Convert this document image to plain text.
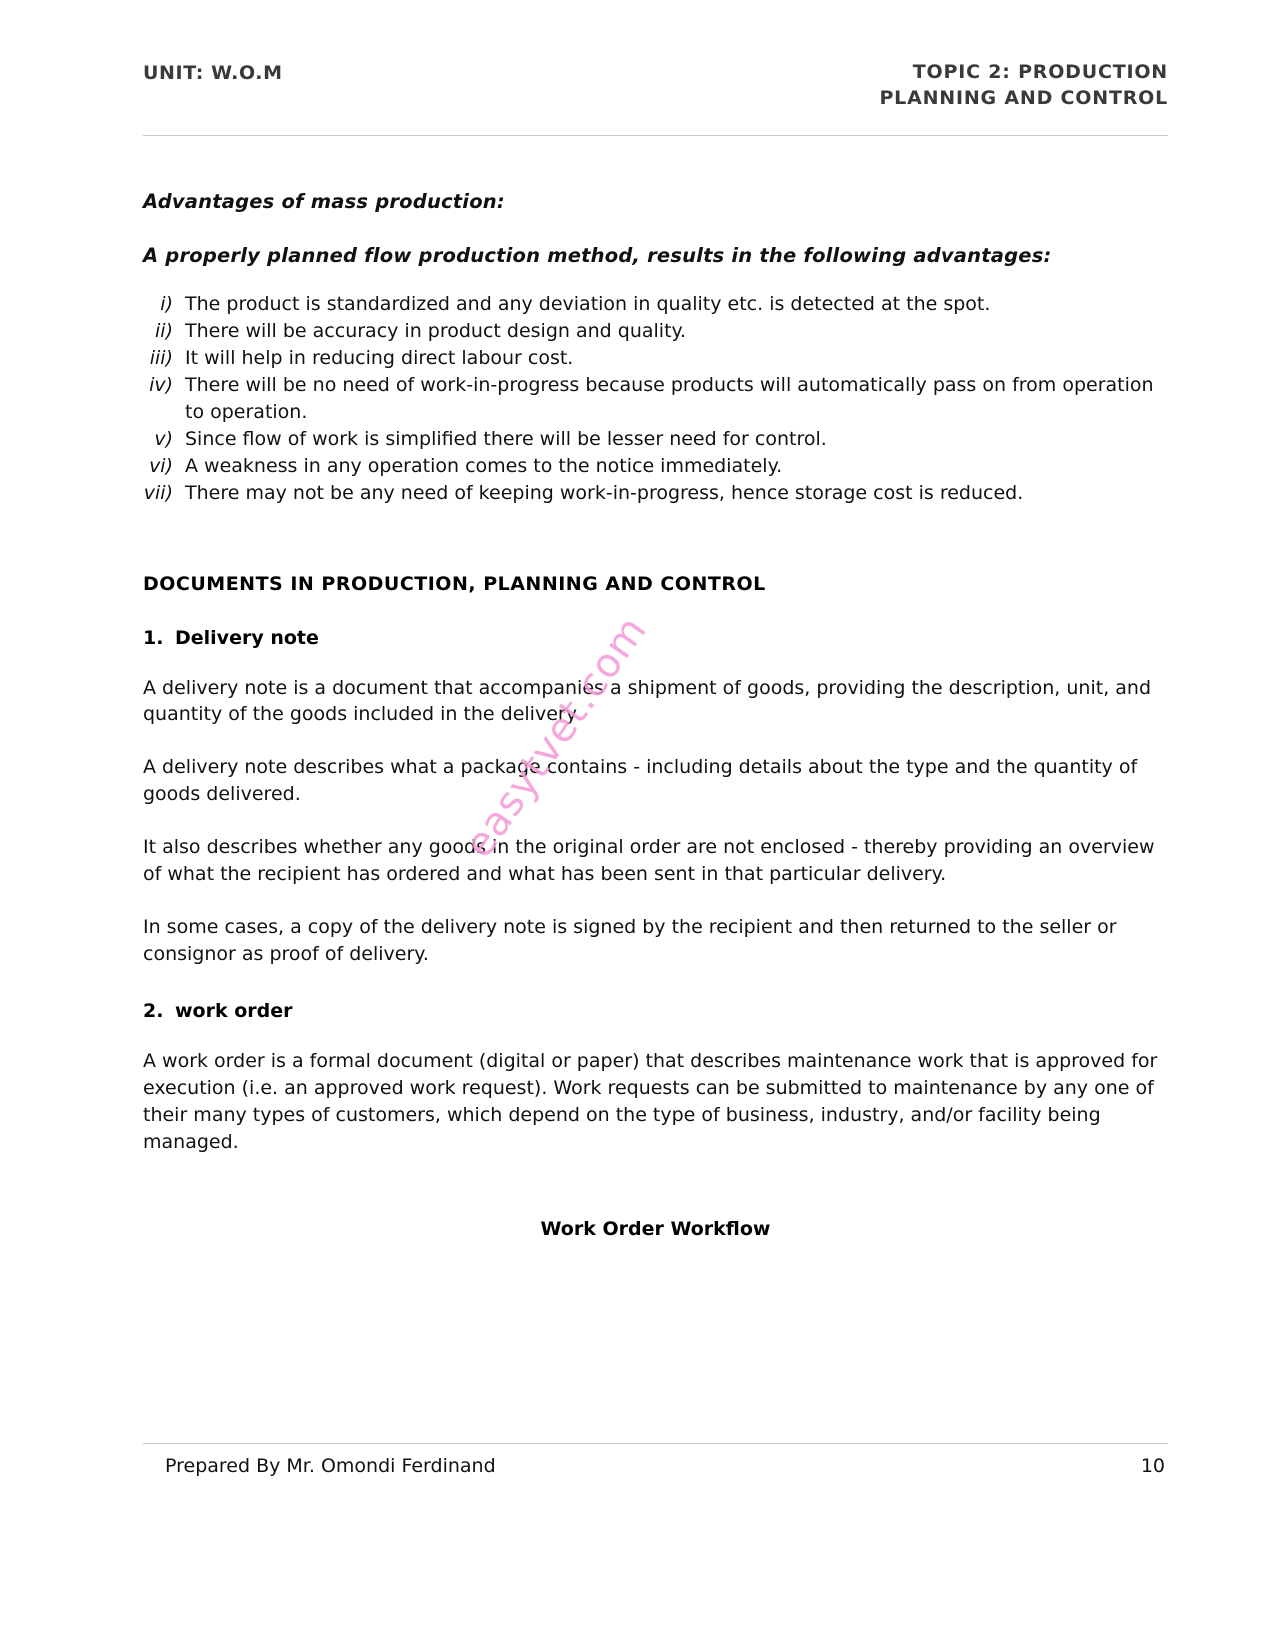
UNIT: W.O.M	TOPIC 2: PRODUCTION
PLANNING AND CONTROL

Advantages of mass production:

A properly planned flow production method, results in the following advantages:

i) The product is standardized and any deviation in quality etc. is detected at the spot.
ii) There will be accuracy in product design and quality.
iii) It will help in reducing direct labour cost.
iv) There will be no need of work-in-progress because products will automatically pass on from operation to operation.
v) Since flow of work is simplified there will be lesser need for control.
vi) A weakness in any operation comes to the notice immediately.
vii) There may not be any need of keeping work-in-progress, hence storage cost is reduced.

DOCUMENTS IN PRODUCTION, PLANNING AND CONTROL

1. Delivery note

A delivery note is a document that accompanies a shipment of goods, providing the description, unit, and quantity of the goods included in the delivery

A delivery note describes what a package contains - including details about the type and the quantity of goods delivered.

It also describes whether any goods in the original order are not enclosed - thereby providing an overview of what the recipient has ordered and what has been sent in that particular delivery.

In some cases, a copy of the delivery note is signed by the recipient and then returned to the seller or consignor as proof of delivery.

2. work order

A work order is a formal document (digital or paper) that describes maintenance work that is approved for execution (i.e. an approved work request). Work requests can be submitted to maintenance by any one of their many types of customers, which depend on the type of business, industry, and/or facility being managed.

Work Order Workflow

easytvet.com
Prepared By Mr. Omondi Ferdinand	10
